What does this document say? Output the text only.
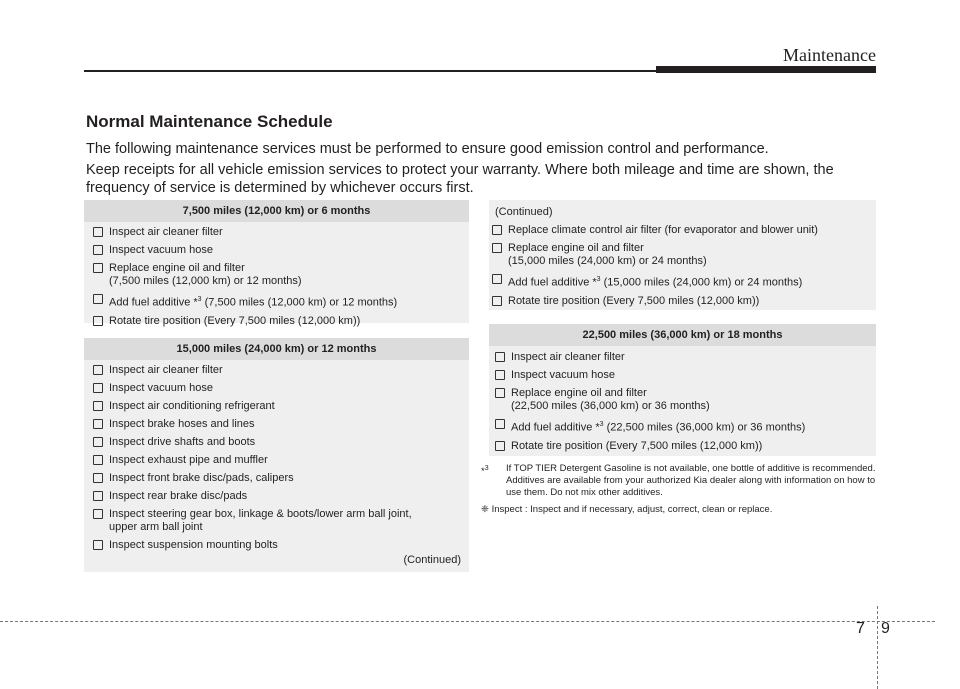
Maintenance
Normal Maintenance Schedule
The following maintenance services must be performed to ensure good emission control and performance.
Keep receipts for all vehicle emission services to protect your warranty. Where both mileage and time are shown, the frequency of service is determined by whichever occurs first.
7,500 miles (12,000 km) or 6 months
Inspect air cleaner filter
Inspect vacuum hose
Replace engine oil and filter
(7,500 miles (12,000 km) or 12 months)
Add fuel additive *$^3$ (7,500 miles (12,000 km) or 12 months)
Rotate tire position (Every 7,500 miles (12,000 km))
15,000 miles (24,000 km) or 12 months
Inspect air cleaner filter
Inspect vacuum hose
Inspect air conditioning refrigerant
Inspect brake hoses and lines
Inspect drive shafts and boots
Inspect exhaust pipe and muffler
Inspect front brake disc/pads, calipers
Inspect rear brake disc/pads
Inspect steering gear box, linkage & boots/lower arm ball joint,
upper arm ball joint
Inspect suspension mounting bolts
(Continued)
(Continued)
Replace climate control air filter (for evaporator and blower unit)
Replace engine oil and filter
(15,000 miles (24,000 km) or 24 months)
Add fuel additive *$^3$ (15,000 miles (24,000 km) or 24 months)
Rotate tire position (Every 7,500 miles (12,000 km))
22,500 miles (36,000 km) or 18 months
Inspect air cleaner filter
Inspect vacuum hose
Replace engine oil and filter
(22,500 miles (36,000 km) or 36 months)
Add fuel additive *$^3$ (22,500 miles (36,000 km) or 36 months)
Rotate tire position (Every 7,500 miles (12,000 km))
*$^3$	If TOP TIER Detergent Gasoline is not available, one bottle of additive is recommended. Additives are available from your authorized Kia dealer along with information on how to use them. Do not mix other additives.
❈ Inspect : Inspect and if necessary, adjust, correct, clean or replace.
7 9
